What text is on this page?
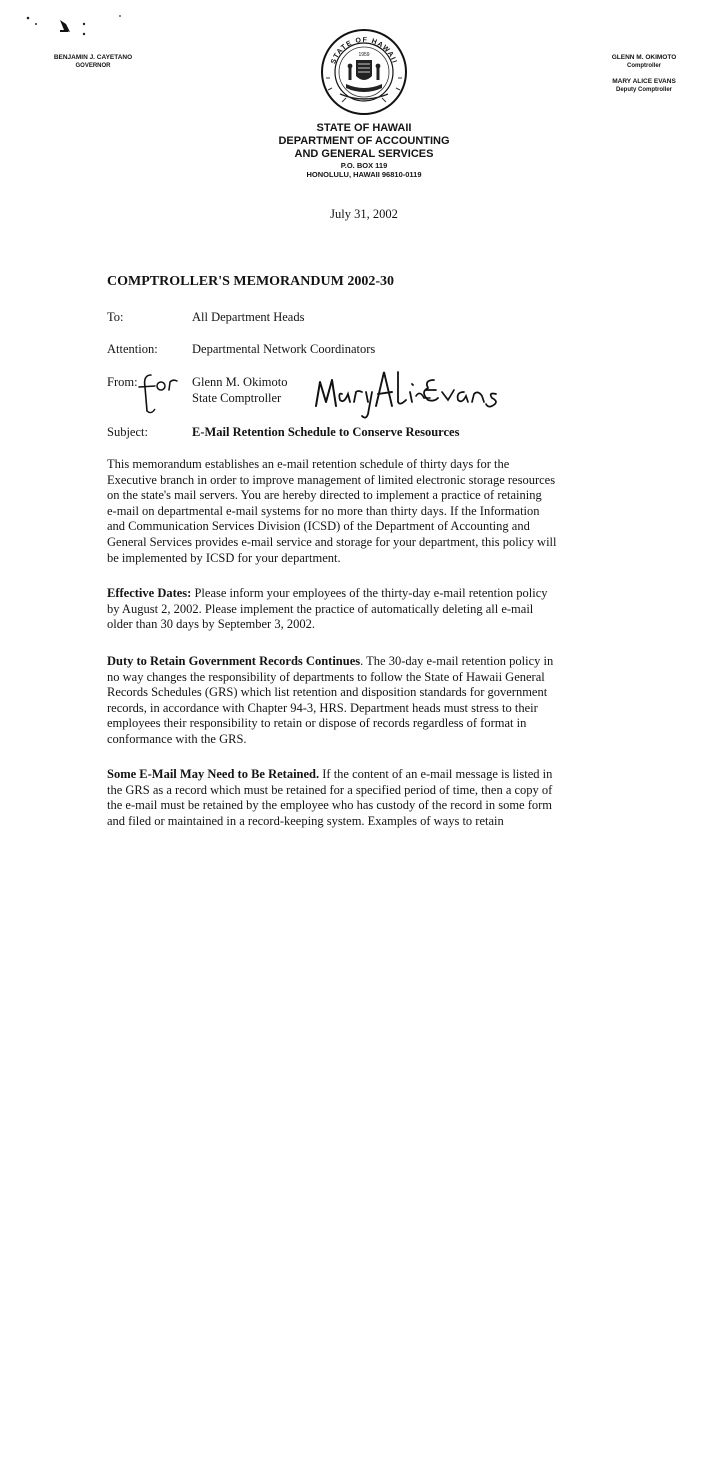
BENJAMIN J. CAYETANO
GOVERNOR
STATE OF HAWAII
1959	GLENN M. OKIMOTO
Comptroller
MARY ALICE EVANS
Deputy Comptroller
STATE OF HAWAII
DEPARTMENT OF ACCOUNTING
AND GENERAL SERVICES
P.O. BOX 119
HONOLULU, HAWAII 96810-0119
July 31, 2002
COMPTROLLER'S MEMORANDUM 2002-30
To:	All Department Heads
Attention:	Departmental Network Coordinators
From:	Glenn M. Okimoto
State Comptroller
Subject:	E-Mail Retention Schedule to Conserve Resources
This memorandum establishes an e-mail retention schedule of thirty days for the
Executive branch in order to improve management of limited electronic storage resources
on the state's mail servers. You are hereby directed to implement a practice of retaining
e-mail on departmental e-mail systems for no more than thirty days. If the Information
and Communication Services Division (ICSD) of the Department of Accounting and
General Services provides e-mail service and storage for your department, this policy will
be implemented by ICSD for your department.
Effective Dates: Please inform your employees of the thirty-day e-mail retention policy
by August 2, 2002. Please implement the practice of automatically deleting all e-mail
older than 30 days by September 3, 2002.
Duty to Retain Government Records Continues. The 30-day e-mail retention policy in
no way changes the responsibility of departments to follow the State of Hawaii General
Records Schedules (GRS) which list retention and disposition standards for government
records, in accordance with Chapter 94-3, HRS. Department heads must stress to their
employees their responsibility to retain or dispose of records regardless of format in
conformance with the GRS.
Some E-Mail May Need to Be Retained. If the content of an e-mail message is listed in
the GRS as a record which must be retained for a specified period of time, then a copy of
the e-mail must be retained by the employee who has custody of the record in some form
and filed or maintained in a record-keeping system. Examples of ways to retain
